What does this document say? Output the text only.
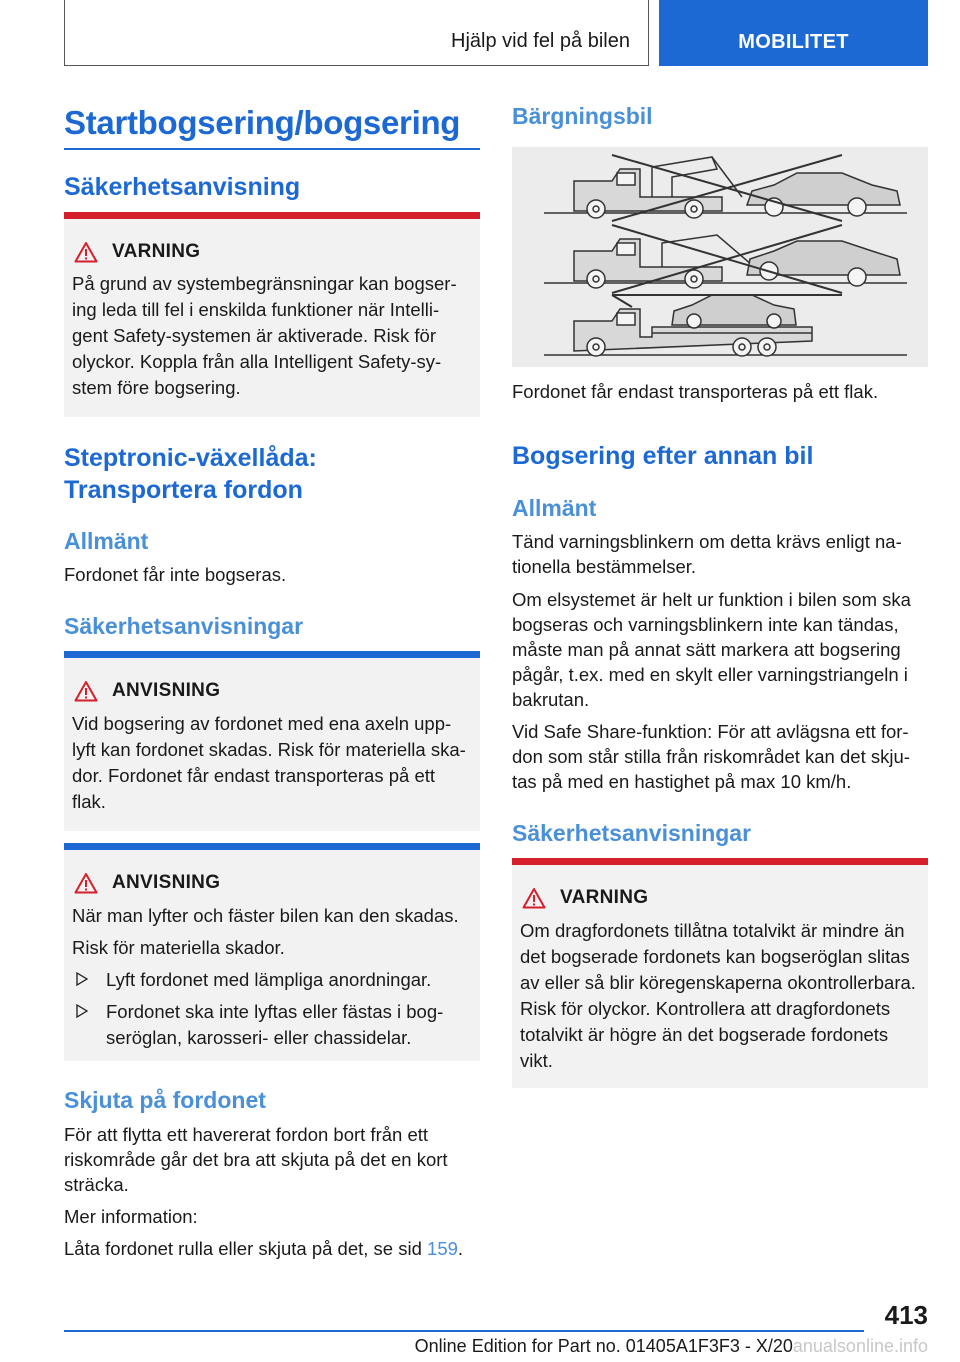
Hjälp vid fel på bilen	MOBILITET
Startbogsering/bogsering
Säkerhetsanvisning
VARNING
På grund av systembegränsningar kan bogser-
ing leda till fel i enskilda funktioner när Intelli-
gent Safety-systemen är aktiverade. Risk för
olyckor. Koppla från alla Intelligent Safety-sy-
stem före bogsering.
Steptronic-växellåda:
Transportera fordon
Allmänt
Fordonet får inte bogseras.
Säkerhetsanvisningar
ANVISNING
Vid bogsering av fordonet med ena axeln upp-
lyft kan fordonet skadas. Risk för materiella ska-
dor. Fordonet får endast transporteras på ett
flak.
ANVISNING
När man lyfter och fäster bilen kan den skadas.
Risk för materiella skador.
Lyft fordonet med lämpliga anordningar.
Fordonet ska inte lyftas eller fästas i bog-
seröglan, karosseri- eller chassidelar.
Skjuta på fordonet
För att flytta ett havererat fordon bort från ett
riskområde går det bra att skjuta på det en kort
sträcka.
Mer information:
Låta fordonet rulla eller skjuta på det, se sid 159.
Bärgningsbil
Fordonet får endast transporteras på ett flak.
Bogsering efter annan bil
Allmänt
Tänd varningsblinkern om detta krävs enligt na-
tionella bestämmelser.
Om elsystemet är helt ur funktion i bilen som ska
bogseras och varningsblinkern inte kan tändas,
måste man på annat sätt markera att bogsering
pågår, t.ex. med en skylt eller varningstriangeln i
bakrutan.
Vid Safe Share-funktion: För att avlägsna ett for-
don som står stilla från riskområdet kan det skju-
tas på med en hastighet på max 10 km/h.
Säkerhetsanvisningar
VARNING
Om dragfordonets tillåtna totalvikt är mindre än
det bogserade fordonets kan bogseröglan slitas
av eller så blir köregenskaperna okontrollerbara.
Risk för olyckor. Kontrollera att dragfordonets
totalvikt är högre än det bogserade fordonets
vikt.
413
Online Edition for Part no. 01405A1F3F3 - X/20anualsonline.info
